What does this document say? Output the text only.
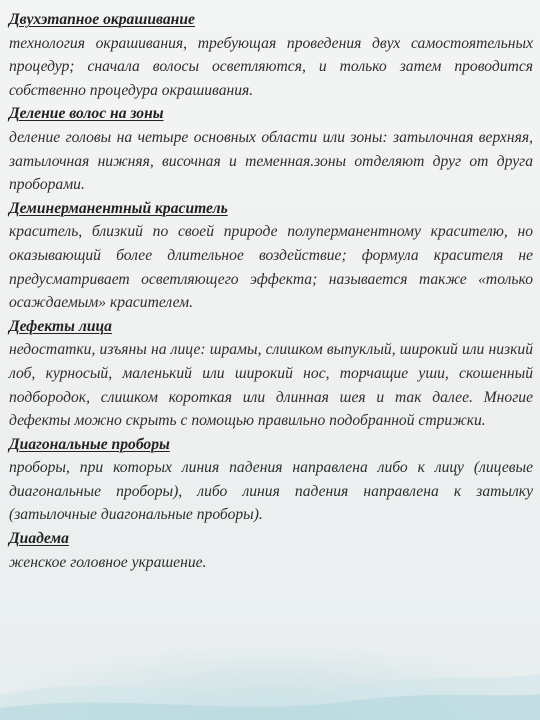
Двухэтапное окрашивание
технология окрашивания, требующая проведения двух самостоятельных процедур; сначала волосы осветляются, и только затем проводится собственно процедура окрашивания.
Деление волос на зоны
деление головы на четыре основных области или зоны: затылочная верхняя, затылочная нижняя, височная и теменная.зоны отделяют друг от друга проборами.
Деминерманентный краситель
краситель, близкий по своей природе полуперманентному красителю, но оказывающий более длительное воздействие; формула красителя не предусматривает осветляющего эффекта; называется также «только осаждаемым» красителем.
Дефекты лица
недостатки, изъяны на лице: шрамы, слишком выпуклый, широкий или низкий лоб, курносый, маленький или широкий нос, торчащие уши, скошенный подбородок, слишком короткая или длинная шея и так далее. Многие дефекты можно скрыть с помощью правильно подобранной стрижки.
Диагональные проборы
проборы, при которых линия падения направлена либо к лицу (лицевые диагональные проборы), либо линия падения направлена к затылку (затылочные диагональные проборы).
Диадема
женское головное украшение.
